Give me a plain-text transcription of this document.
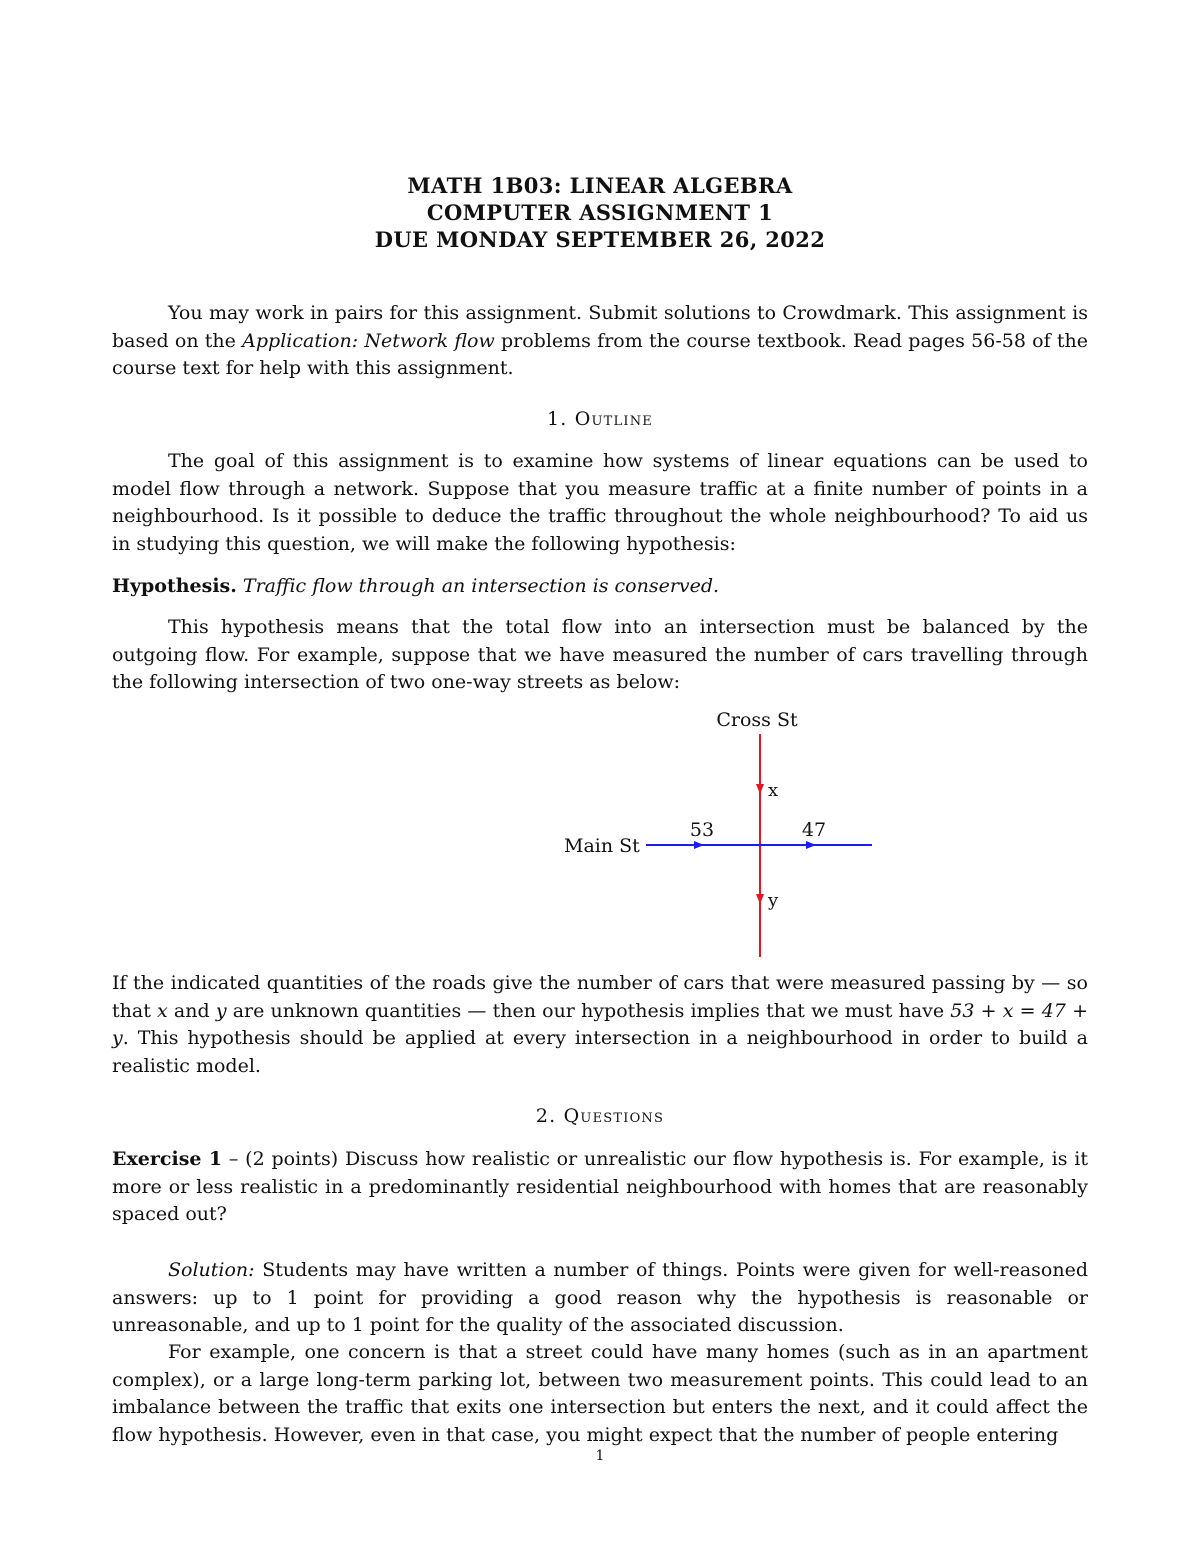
MATH 1B03: LINEAR ALGEBRA
COMPUTER ASSIGNMENT 1
DUE MONDAY SEPTEMBER 26, 2022

You may work in pairs for this assignment. Submit solutions to Crowdmark. This assignment is based on the Application: Network flow problems from the course textbook. Read pages 56-58 of the course text for help with this assignment.

1. Outline

The goal of this assignment is to examine how systems of linear equations can be used to model flow through a network. Suppose that you measure traffic at a finite number of points in a neighbourhood. Is it possible to deduce the traffic throughout the whole neighbourhood? To aid us in studying this question, we will make the following hypothesis:

Hypothesis. Traffic flow through an intersection is conserved.

This hypothesis means that the total flow into an intersection must be balanced by the outgoing flow. For example, suppose that we have measured the number of cars travelling through the following intersection of two one-way streets as below:

Cross St
x
y
Main St
53	47

If the indicated quantities of the roads give the number of cars that were measured passing by — so that x and y are unknown quantities — then our hypothesis implies that we must have 53 + x = 47 + y. This hypothesis should be applied at every intersection in a neighbourhood in order to build a realistic model.

2. Questions

Exercise 1 – (2 points) Discuss how realistic or unrealistic our flow hypothesis is. For example, is it more or less realistic in a predominantly residential neighbourhood with homes that are reasonably spaced out?

Solution: Students may have written a number of things. Points were given for well-reasoned answers: up to 1 point for providing a good reason why the hypothesis is reasonable or unreasonable, and up to 1 point for the quality of the associated discussion.

For example, one concern is that a street could have many homes (such as in an apartment complex), or a large long-term parking lot, between two measurement points. This could lead to an imbalance between the traffic that exits one intersection but enters the next, and it could affect the flow hypothesis. However, even in that case, you might expect that the number of people entering

1
